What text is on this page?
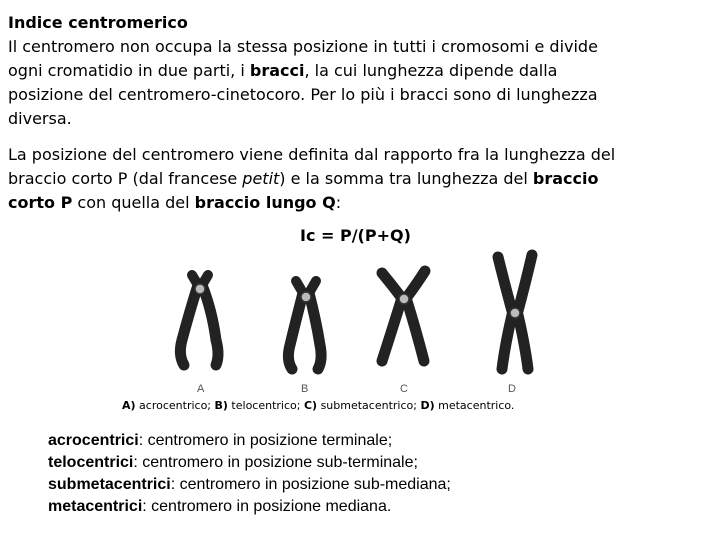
Indice centromerico
Il centromero non occupa la stessa posizione in tutti i cromosomi e divide
ogni cromatidio in due parti, i bracci, la cui lunghezza dipende dalla
posizione del centromero-cinetocoro. Per lo più i bracci sono di lunghezza
diversa.
La posizione del centromero viene definita dal rapporto fra la lunghezza del
braccio corto P (dal francese petit) e la somma tra lunghezza del braccio
corto P con quella del braccio lungo Q:
Ic = P/(P+Q)
A	B	C	D
A) acrocentrico; B) telocentrico; C) submetacentrico; D) metacentrico.
acrocentrici: centromero in posizione terminale;
telocentrici: centromero in posizione sub-terminale;
submetacentrici: centromero in posizione sub-mediana;
metacentrici: centromero in posizione mediana.
